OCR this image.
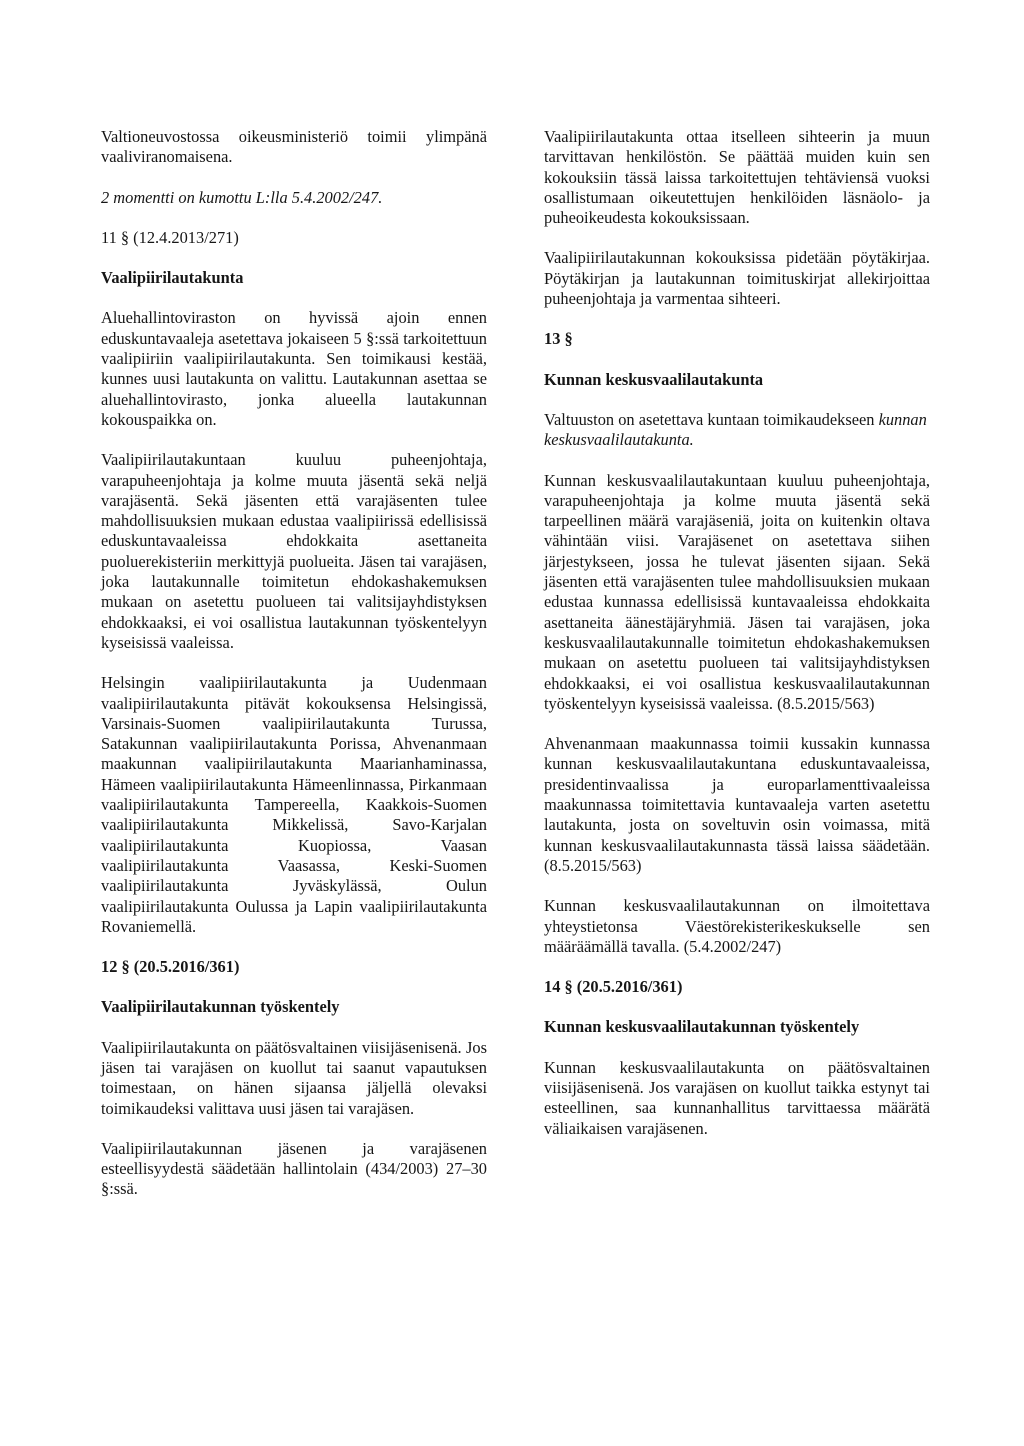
Valtioneuvostossa oikeusministeriö toimii ylimpänä vaaliviranomaisena.

2 momentti on kumottu L:lla 5.4.2002/247.

11 § (12.4.2013/271)

Vaalipiirilautakunta

Aluehallintoviraston on hyvissä ajoin ennen eduskuntavaaleja asetettava jokaiseen 5 §:ssä tarkoitettuun vaalipiiriin vaalipiirilautakunta. Sen toimikausi kestää, kunnes uusi lautakunta on valittu. Lautakunnan asettaa se aluehallintovirasto, jonka alueella lautakunnan kokouspaikka on.

Vaalipiirilautakuntaan kuuluu puheenjohtaja, varapuheenjohtaja ja kolme muuta jäsentä sekä neljä varajäsentä. Sekä jäsenten että varajäsenten tulee mahdollisuuksien mukaan edustaa vaalipiirissä edellisissä eduskuntavaaleissa ehdokkaita asettaneita puoluerekisteriin merkittyjä puolueita. Jäsen tai varajäsen, joka lautakunnalle toimitetun ehdokashakemuksen mukaan on asetettu puolueen tai valitsijayhdistyksen ehdokkaaksi, ei voi osallistua lautakunnan työskentelyyn kyseisissä vaaleissa.

Helsingin vaalipiirilautakunta ja Uudenmaan vaalipiirilautakunta pitävät kokouksensa Helsingissä, Varsinais-Suomen vaalipiirilautakunta Turussa, Satakunnan vaalipiirilautakunta Porissa, Ahvenanmaan maakunnan vaalipiirilautakunta Maarianhaminassa, Hämeen vaalipiirilautakunta Hämeenlinnassa, Pirkanmaan vaalipiirilautakunta Tampereella, Kaakkois-Suomen vaalipiirilautakunta Mikkelissä, Savo-Karjalan vaalipiirilautakunta Kuopiossa, Vaasan vaalipiirilautakunta Vaasassa, Keski-Suomen vaalipiirilautakunta Jyväskylässä, Oulun vaalipiirilautakunta Oulussa ja Lapin vaalipiirilautakunta Rovaniemellä.

12 § (20.5.2016/361)

Vaalipiirilautakunnan työskentely

Vaalipiirilautakunta on päätösvaltainen viisijäsenisenä. Jos jäsen tai varajäsen on kuollut tai saanut vapautuksen toimestaan, on hänen sijaansa jäljellä olevaksi toimikaudeksi valittava uusi jäsen tai varajäsen.

Vaalipiirilautakunnan jäsenen ja varajäsenen esteellisyydestä säädetään hallintolain (434/2003) 27–30 §:ssä.

Vaalipiirilautakunta ottaa itselleen sihteerin ja muun tarvittavan henkilöstön. Se päättää muiden kuin sen kokouksiin tässä laissa tarkoitettujen tehtäviensä vuoksi osallistumaan oikeutettujen henkilöiden läsnäolo- ja puheoikeudesta kokouksissaan.

Vaalipiirilautakunnan kokouksissa pidetään pöytäkirjaa. Pöytäkirjan ja lautakunnan toimituskirjat allekirjoittaa puheenjohtaja ja varmentaa sihteeri.

13 §

Kunnan keskusvaalilautakunta

Valtuuston on asetettava kuntaan toimikaudekseen kunnan keskusvaalilautakunta.

Kunnan keskusvaalilautakuntaan kuuluu puheenjohtaja, varapuheenjohtaja ja kolme muuta jäsentä sekä tarpeellinen määrä varajäseniä, joita on kuitenkin oltava vähintään viisi. Varajäsenet on asetettava siihen järjestykseen, jossa he tulevat jäsenten sijaan. Sekä jäsenten että varajäsenten tulee mahdollisuuksien mukaan edustaa kunnassa edellisissä kuntavaaleissa ehdokkaita asettaneita äänestäjäryhmiä. Jäsen tai varajäsen, joka keskusvaalilautakunnalle toimitetun ehdokashakemuksen mukaan on asetettu puolueen tai valitsijayhdistyksen ehdokkaaksi, ei voi osallistua keskusvaalilautakunnan työskentelyyn kyseisissä vaaleissa. (8.5.2015/563)

Ahvenanmaan maakunnassa toimii kussakin kunnassa kunnan keskusvaalilautakuntana eduskuntavaaleissa, presidentinvaalissa ja europarlamenttivaaleissa maakunnassa toimitettavia kuntavaaleja varten asetettu lautakunta, josta on soveltuvin osin voimassa, mitä kunnan keskusvaalilautakunnasta tässä laissa säädetään. (8.5.2015/563)

Kunnan keskusvaalilautakunnan on ilmoitettava yhteystietonsa Väestörekisterikeskukselle sen määräämällä tavalla. (5.4.2002/247)

14 § (20.5.2016/361)

Kunnan keskusvaalilautakunnan työskentely

Kunnan keskusvaalilautakunta on päätösvaltainen viisijäsenisenä. Jos varajäsen on kuollut taikka estynyt tai esteellinen, saa kunnanhallitus tarvittaessa määrätä väliaikaisen varajäsenen.
